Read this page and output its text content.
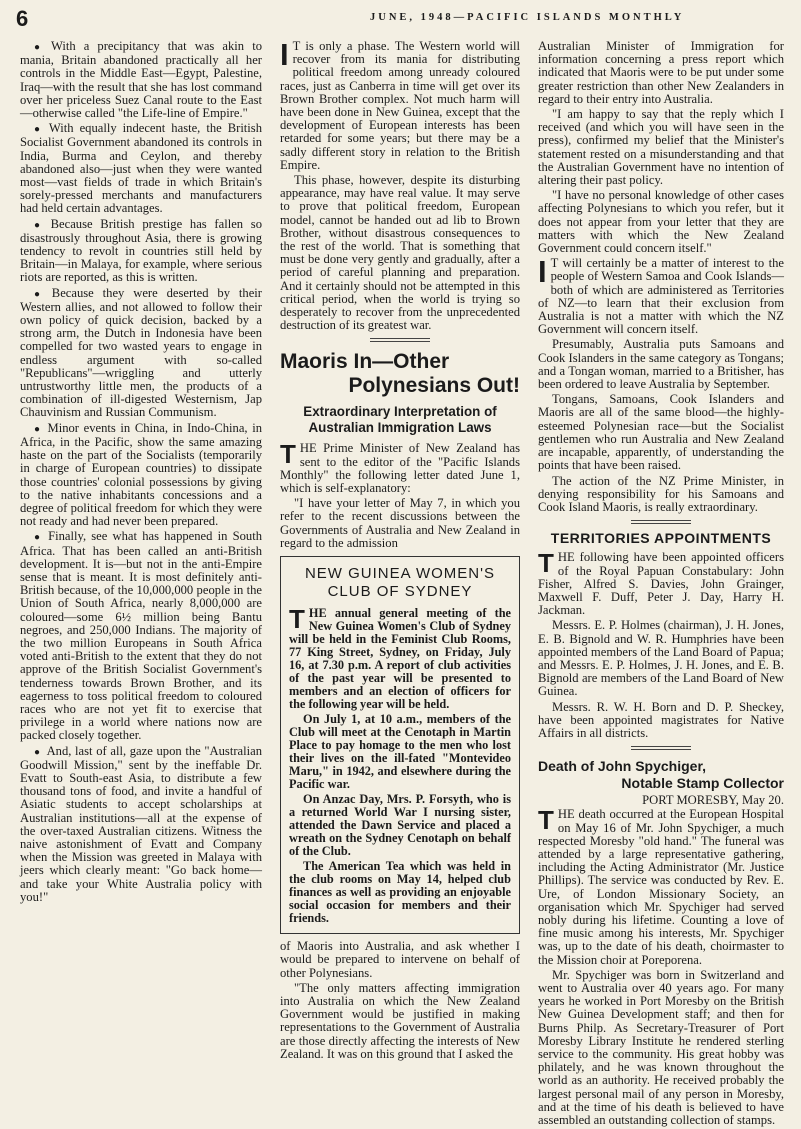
6	JUNE, 1948—PACIFIC ISLANDS MONTHLY

● With a precipitancy that was akin to mania, Britain abandoned practically all her controls in the Middle East—Egypt, Palestine, Iraq—with the result that she has lost command over her priceless Suez Canal route to the East—otherwise called "the Life-line of Empire."

● With equally indecent haste, the British Socialist Government abandoned its controls in India, Burma and Ceylon, and thereby abandoned also—just when they were wanted most—vast fields of trade in which Britain's sorely-pressed merchants and manufacturers had held certain advantages.

● Because British prestige has fallen so disastrously throughout Asia, there is growing tendency to revolt in countries still held by Britain—in Malaya, for example, where serious riots are reported, as this is written.

● Because they were deserted by their Western allies, and not allowed to follow their own policy of quick decision, backed by a strong arm, the Dutch in Indonesia have been compelled for two wasted years to engage in endless argument with so-called "Republicans"—wriggling and utterly untrustworthy little men, the products of a combination of ill-digested Westernism, Jap Chauvinism and Russian Communism.

● Minor events in China, in Indo-China, in Africa, in the Pacific, show the same amazing haste on the part of the Socialists (temporarily in charge of European countries) to dissipate those countries' colonial possessions by giving to the native inhabitants concessions and a degree of political freedom for which they were not ready and had never been prepared.

● Finally, see what has happened in South Africa. That has been called an anti-British development. It is—but not in the anti-Empire sense that is meant. It is most definitely anti-British because, of the 10,000,000 people in the Union of South Africa, nearly 8,000,000 are coloured—some 6½ million being Bantu negroes, and 250,000 Indians. The majority of the two million Europeans in South Africa voted anti-British to the extent that they do not approve of the British Socialist Government's tenderness towards Brown Brother, and its eagerness to toss political freedom to coloured races who are not yet fit to exercise that privilege in a world where nations now are packed closely together.

● And, last of all, gaze upon the "Australian Goodwill Mission," sent by the ineffable Dr. Evatt to South-east Asia, to distribute a few thousand tons of food, and invite a handful of Asiatic students to accept scholarships at Australian institutions—all at the expense of the over-taxed Australian citizens. Witness the naive astonishment of Evatt and Company when the Mission was greeted in Malaya with jeers which clearly meant: "Go back home—and take your White Australia policy with you!"

I T is only a phase. The Western world will recover from its mania for distributing political freedom among unready coloured races, just as Canberra in time will get over its Brown Brother complex. Not much harm will have been done in New Guinea, except that the development of European interests has been retarded for some years; but there may be a sadly different story in relation to the British Empire.

This phase, however, despite its disturbing appearance, may have real value. It may serve to prove that political freedom, European model, cannot be handed out ad lib to Brown Brother, without disastrous consequences to the rest of the world. That is something that must be done very gently and gradually, after a period of careful planning and preparation. And it certainly should not be attempted in this critical period, when the world is trying so desperately to recover from the unprecedented destruction of its greatest war.

Maoris In—Other
Polynesians Out!
Extraordinary Interpretation of Australian Immigration Laws

THE Prime Minister of New Zealand has sent to the editor of the "Pacific Islands Monthly" the following letter dated June 1, which is self-explanatory:

"I have your letter of May 7, in which you refer to the recent discussions between the Governments of Australia and New Zealand in regard to the admission

NEW GUINEA WOMEN'S CLUB OF SYDNEY

THE annual general meeting of the New Guinea Women's Club of Sydney will be held in the Feminist Club Rooms, 77 King Street, Sydney, on Friday, July 16, at 7.30 p.m. A report of club activities of the past year will be presented to members and an election of officers for the following year will be held.

On July 1, at 10 a.m., members of the Club will meet at the Cenotaph in Martin Place to pay homage to the men who lost their lives on the ill-fated "Montevideo Maru," in 1942, and elsewhere during the Pacific war.

On Anzac Day, Mrs. P. Forsyth, who is a returned World War I nursing sister, attended the Dawn Service and placed a wreath on the Sydney Cenotaph on behalf of the Club.

The American Tea which was held in the club rooms on May 14, helped club finances as well as providing an enjoyable social occasion for members and their friends.

of Maoris into Australia, and ask whether I would be prepared to intervene on behalf of other Polynesians.

"The only matters affecting immigration into Australia on which the New Zealand Government would be justified in making representations to the Government of Australia are those directly affecting the interests of New Zealand. It was on this ground that I asked the

Australian Minister of Immigration for information concerning a press report which indicated that Maoris were to be put under some greater restriction than other New Zealanders in regard to their entry into Australia.

"I am happy to say that the reply which I received (and which you will have seen in the press), confirmed my belief that the Minister's statement rested on a misunderstanding and that the Australian Government have no intention of altering their past policy.

"I have no personal knowledge of other cases affecting Polynesians to which you refer, but it does not appear from your letter that they are matters with which the New Zealand Government could concern itself."

I T will certainly be a matter of interest to the people of Western Samoa and Cook Islands—both of which are administered as Territories of NZ—to learn that their exclusion from Australia is not a matter with which the NZ Government will concern itself.

Presumably, Australia puts Samoans and Cook Islanders in the same category as Tongans; and a Tongan woman, married to a Britisher, has been ordered to leave Australia by September.

Tongans, Samoans, Cook Islanders and Maoris are all of the same blood—the highly-esteemed Polynesian race—but the Socialist gentlemen who run Australia and New Zealand are incapable, apparently, of understanding the points that have been raised.

The action of the NZ Prime Minister, in denying responsibility for his Samoans and Cook Island Maoris, is really extraordinary.

TERRITORIES APPOINTMENTS

THE following have been appointed officers of the Royal Papuan Constabulary: John Fisher, Alfred S. Davies, John Grainger, Maxwell F. Duff, Peter J. Day, Harry H. Jackman.

Messrs. E. P. Holmes (chairman), J. H. Jones, E. B. Bignold and W. R. Humphries have been appointed members of the Land Board of Papua; and Messrs. E. P. Holmes, J. H. Jones, and E. B. Bignold are members of the Land Board of New Guinea.

Messrs. R. W. H. Born and D. P. Sheckey, have been appointed magistrates for Native Affairs in all districts.

Death of John Spychiger,
Notable Stamp Collector
PORT MORESBY, May 20.

THE death occurred at the European Hospital on May 16 of Mr. John Spychiger, a much respected Moresby "old hand." The funeral was attended by a large representative gathering, including the Acting Administrator (Mr. Justice Phillips). The service was conducted by Rev. E. Ure, of London Missionary Society, an organisation which Mr. Spychiger had served nobly during his lifetime. Counting a love of fine music among his interests, Mr. Spychiger was, up to the date of his death, choirmaster to the Mission choir at Poreporena.

Mr. Spychiger was born in Switzerland and went to Australia over 40 years ago. For many years he worked in Port Moresby on the British New Guinea Development staff; and then for Burns Philp. As Secretary-Treasurer of Port Moresby Library Institute he rendered sterling service to the community. His great hobby was philately, and he was known throughout the world as an authority. He received probably the largest personal mail of any person in Moresby, and at the time of his death is believed to have assembled an outstanding collection of stamps.
